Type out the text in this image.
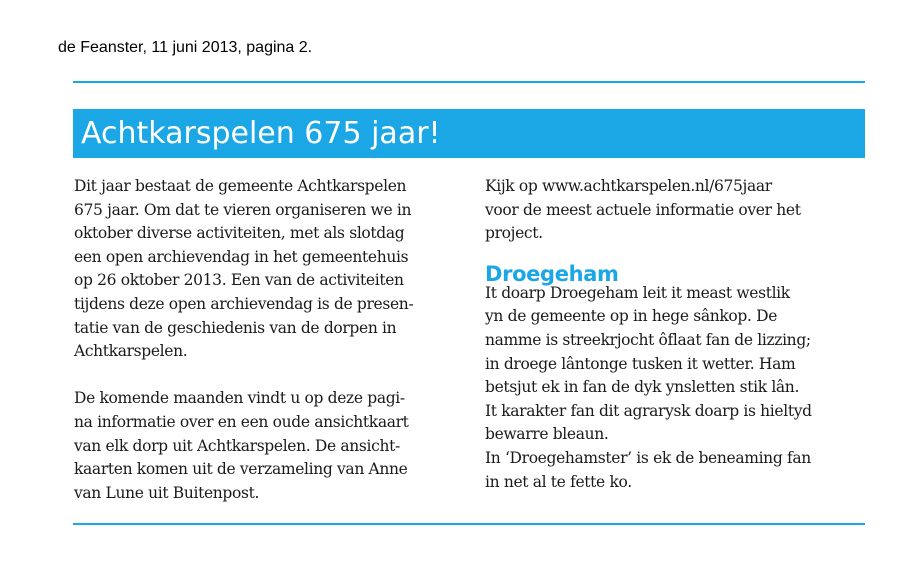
de Feanster, 11 juni 2013, pagina 2.
Achtkarspelen 675 jaar!
Dit jaar bestaat de gemeente Achtkarspelen
675 jaar. Om dat te vieren organiseren we in
oktober diverse activiteiten, met als slotdag
een open archievendag in het gemeentehuis
op 26 oktober 2013. Een van de activiteiten
tijdens deze open archievendag is de presen-
tatie van de geschiedenis van de dorpen in
Achtkarspelen.
De komende maanden vindt u op deze pagi-
na informatie over en een oude ansichtkaart
van elk dorp uit Achtkarspelen. De ansicht-
kaarten komen uit de verzameling van Anne
van Lune uit Buitenpost.
Kijk op www.achtkarspelen.nl/675jaar
voor de meest actuele informatie over het
project.
Droegeham
It doarp Droegeham leit it meast westlik
yn de gemeente op in hege sânkop. De
namme is streekrjocht ôflaat fan de lizzing;
in droege lântonge tusken it wetter. Ham
betsjut ek in fan de dyk ynsletten stik lân.
It karakter fan dit agrarysk doarp is hieltyd
bewarre bleaun.
In ‘Droegehamster’ is ek de beneaming fan
in net al te fette ko.
